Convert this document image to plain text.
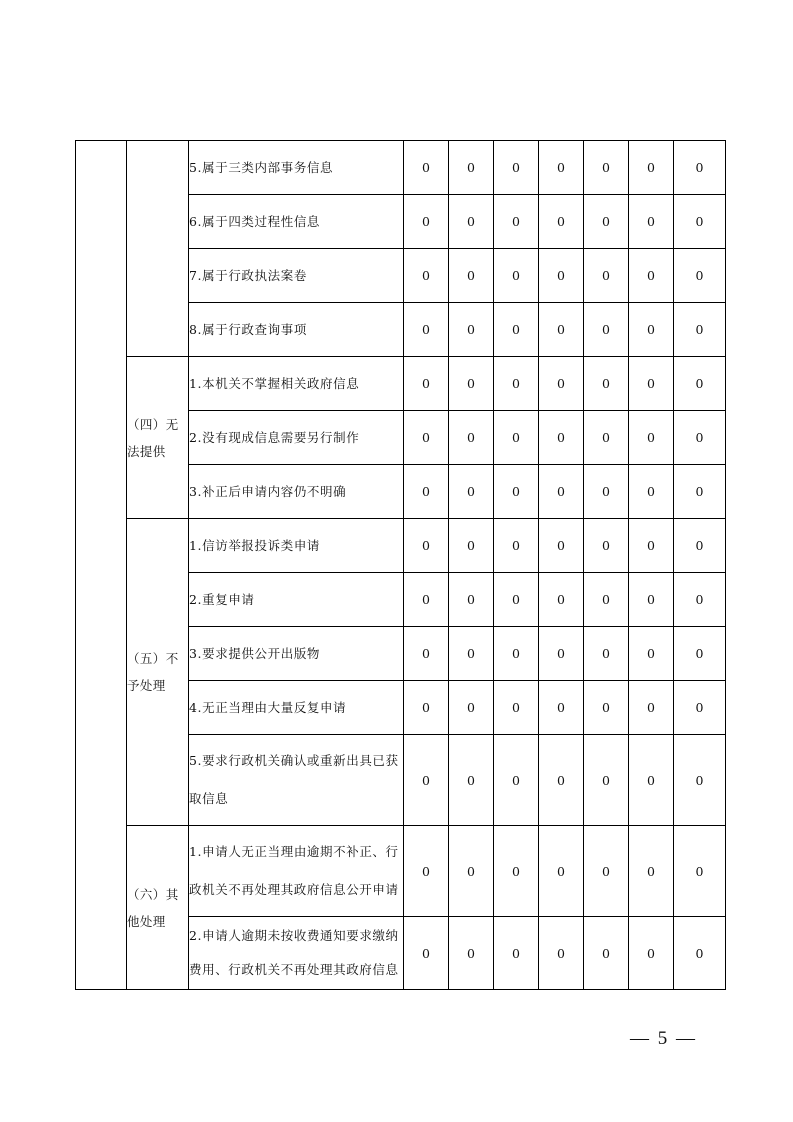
		5.属于三类内部事务信息	0	0	0	0	0	0	0
		6.属于四类过程性信息	0	0	0	0	0	0	0
		7.属于行政执法案卷	0	0	0	0	0	0	0
		8.属于行政查询事项	0	0	0	0	0	0	0
	（四）无法提供	1.本机关不掌握相关政府信息	0	0	0	0	0	0	0
		2.没有现成信息需要另行制作	0	0	0	0	0	0	0
		3.补正后申请内容仍不明确	0	0	0	0	0	0	0
	（五）不予处理	1.信访举报投诉类申请	0	0	0	0	0	0	0
		2.重复申请	0	0	0	0	0	0	0
		3.要求提供公开出版物	0	0	0	0	0	0	0
		4.无正当理由大量反复申请	0	0	0	0	0	0	0
		5.要求行政机关确认或重新出具已获
取信息	0	0	0	0	0	0	0
	（六）其他处理	1.申请人无正当理由逾期不补正、行
政机关不再处理其政府信息公开申请	0	0	0	0	0	0	0
		2.申请人逾期未按收费通知要求缴纳
费用、行政机关不再处理其政府信息	0	0	0	0	0	0	0
— 5 —
